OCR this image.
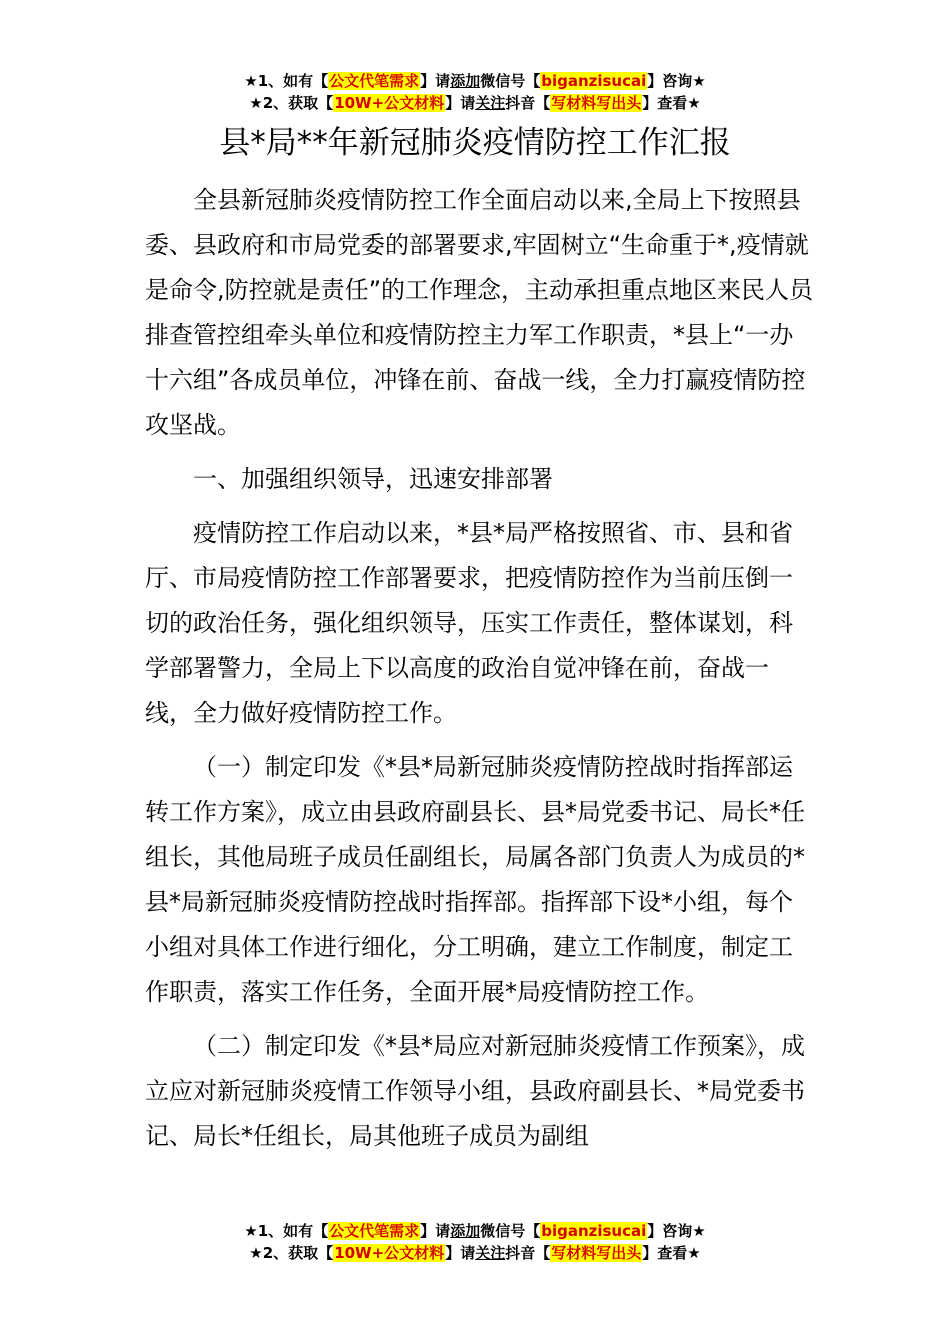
★1、如有【公文代笔需求】请添加微信号【biganzisucai】咨询★
★2、获取【10W+公文材料】请关注抖音【写材料写出头】查看★
县*局**年新冠肺炎疫情防控工作汇报

全县新冠肺炎疫情防控工作全面启动以来,全局上下按照县委、县政府和市局党委的部署要求,牢固树立“生命重于*,疫情就是命令,防控就是责任”的工作理念，主动承担重点地区来民人员排查管控组牵头单位和疫情防控主力军工作职责，*县上“一办十六组”各成员单位，冲锋在前、奋战一线，全力打赢疫情防控攻坚战。

一、加强组织领导，迅速安排部署

疫情防控工作启动以来，*县*局严格按照省、市、县和省厅、市局疫情防控工作部署要求，把疫情防控作为当前压倒一切的政治任务，强化组织领导，压实工作责任，整体谋划，科学部署警力，全局上下以高度的政治自觉冲锋在前，奋战一线，全力做好疫情防控工作。

（一）制定印发《*县*局新冠肺炎疫情防控战时指挥部运转工作方案》，成立由县政府副县长、县*局党委书记、局长*任组长，其他局班子成员任副组长，局属各部门负责人为成员的*县*局新冠肺炎疫情防控战时指挥部。指挥部下设*小组，每个小组对具体工作进行细化，分工明确，建立工作制度，制定工作职责，落实工作任务，全面开展*局疫情防控工作。

（二）制定印发《*县*局应对新冠肺炎疫情工作预案》，成立应对新冠肺炎疫情工作领导小组，县政府副县长、*局党委书记、局长*任组长，局其他班子成员为副组

★1、如有【公文代笔需求】请添加微信号【biganzisucai】咨询★
★2、获取【10W+公文材料】请关注抖音【写材料写出头】查看★
